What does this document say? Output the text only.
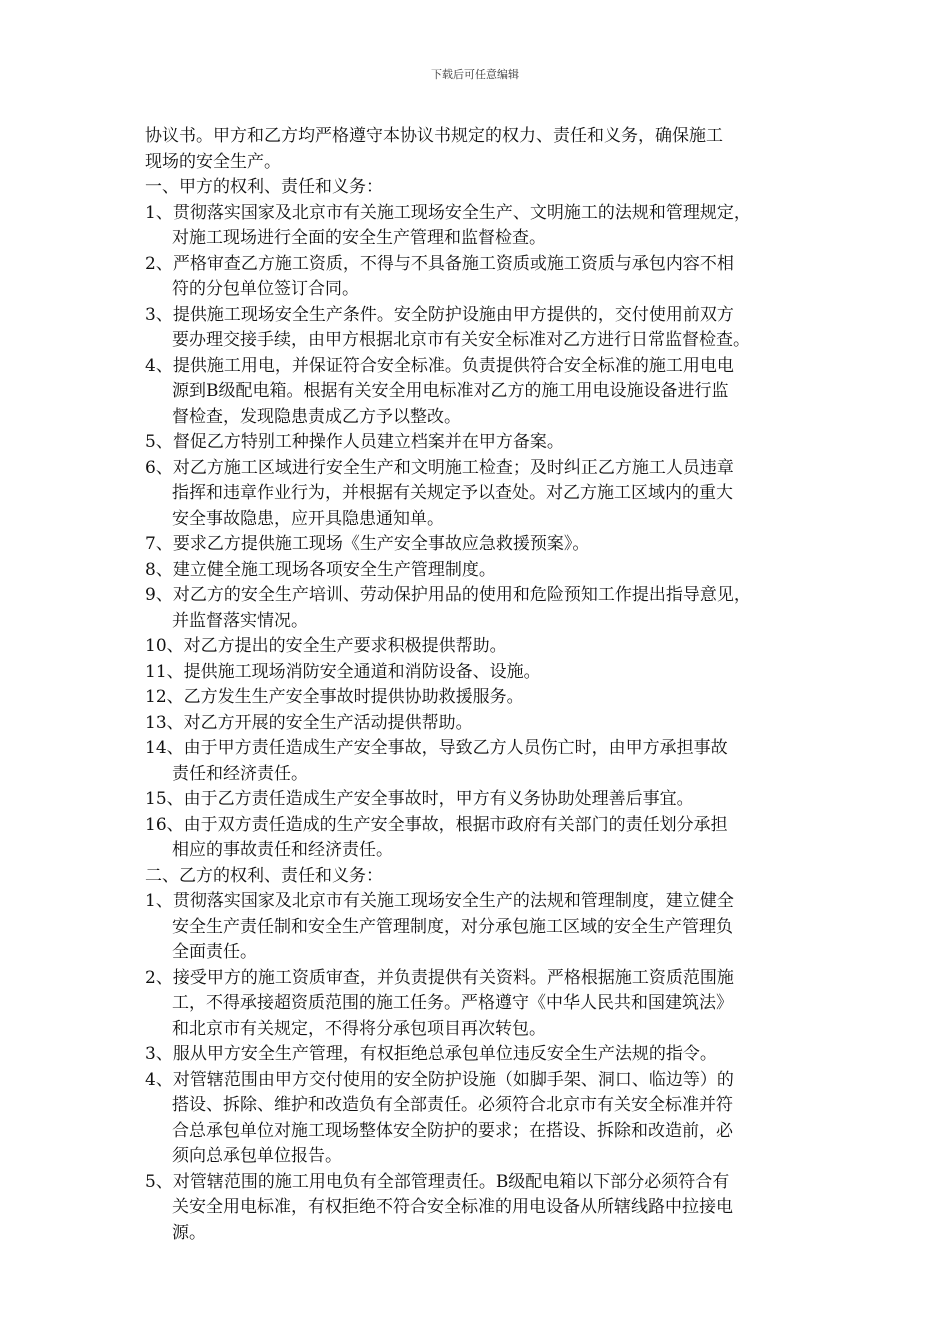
下载后可任意编辑
协议书。甲方和乙方均严格遵守本协议书规定的权力、责任和义务，确保施工
现场的安全生产。
一、甲方的权利、责任和义务：
1、贯彻落实国家及北京市有关施工现场安全生产、文明施工的法规和管理规定，
对施工现场进行全面的安全生产管理和监督检查。
2、严格审查乙方施工资质，不得与不具备施工资质或施工资质与承包内容不相
符的分包单位签订合同。
3、提供施工现场安全生产条件。安全防护设施由甲方提供的，交付使用前双方
要办理交接手续，由甲方根据北京市有关安全标准对乙方进行日常监督检查。
4、提供施工用电，并保证符合安全标准。负责提供符合安全标准的施工用电电
源到B级配电箱。根据有关安全用电标准对乙方的施工用电设施设备进行监
督检查，发现隐患责成乙方予以整改。
5、督促乙方特别工种操作人员建立档案并在甲方备案。
6、对乙方施工区域进行安全生产和文明施工检查；及时纠正乙方施工人员违章
指挥和违章作业行为，并根据有关规定予以查处。对乙方施工区域内的重大
安全事故隐患，应开具隐患通知单。
7、要求乙方提供施工现场《生产安全事故应急救援预案》。
8、建立健全施工现场各项安全生产管理制度。
9、对乙方的安全生产培训、劳动保护用品的使用和危险预知工作提出指导意见，
并监督落实情况。
10、对乙方提出的安全生产要求积极提供帮助。
11、提供施工现场消防安全通道和消防设备、设施。
12、乙方发生生产安全事故时提供协助救援服务。
13、对乙方开展的安全生产活动提供帮助。
14、由于甲方责任造成生产安全事故，导致乙方人员伤亡时，由甲方承担事故
责任和经济责任。
15、由于乙方责任造成生产安全事故时，甲方有义务协助处理善后事宜。
16、由于双方责任造成的生产安全事故，根据市政府有关部门的责任划分承担
相应的事故责任和经济责任。
二、乙方的权利、责任和义务：
1、贯彻落实国家及北京市有关施工现场安全生产的法规和管理制度，建立健全
安全生产责任制和安全生产管理制度，对分承包施工区域的安全生产管理负
全面责任。
2、接受甲方的施工资质审查，并负责提供有关资料。严格根据施工资质范围施
工，不得承接超资质范围的施工任务。严格遵守《中华人民共和国建筑法》
和北京市有关规定，不得将分承包项目再次转包。
3、服从甲方安全生产管理，有权拒绝总承包单位违反安全生产法规的指令。
4、对管辖范围由甲方交付使用的安全防护设施（如脚手架、洞口、临边等）的
搭设、拆除、维护和改造负有全部责任。必须符合北京市有关安全标准并符
合总承包单位对施工现场整体安全防护的要求；在搭设、拆除和改造前，必
须向总承包单位报告。
5、对管辖范围的施工用电负有全部管理责任。B级配电箱以下部分必须符合有
关安全用电标准，有权拒绝不符合安全标准的用电设备从所辖线路中拉接电
源。
